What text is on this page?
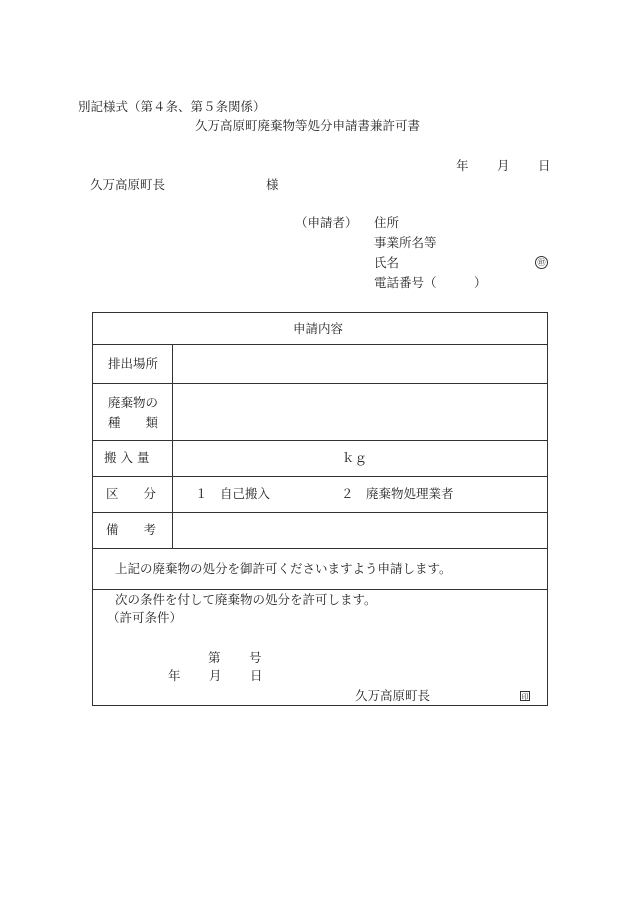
別記様式（第４条、第５条関係）
久万高原町廃棄物等処分申請書兼許可書
年 月 日
久万高原町長	様
（申請者） 住所
事業所名等
氏名	㊞
電話番号（　　　）
申請内容
排出場所
廃棄物の
種　　類
搬 入 量	ｋｇ
区　　分	１　自己搬入	２　廃棄物処理業者
備　　考
上記の廃棄物の処分を御許可くださいますよう申請します。
次の条件を付して廃棄物の処分を許可します。
（許可条件）
第 号
年 月 日
久万高原町長	印
